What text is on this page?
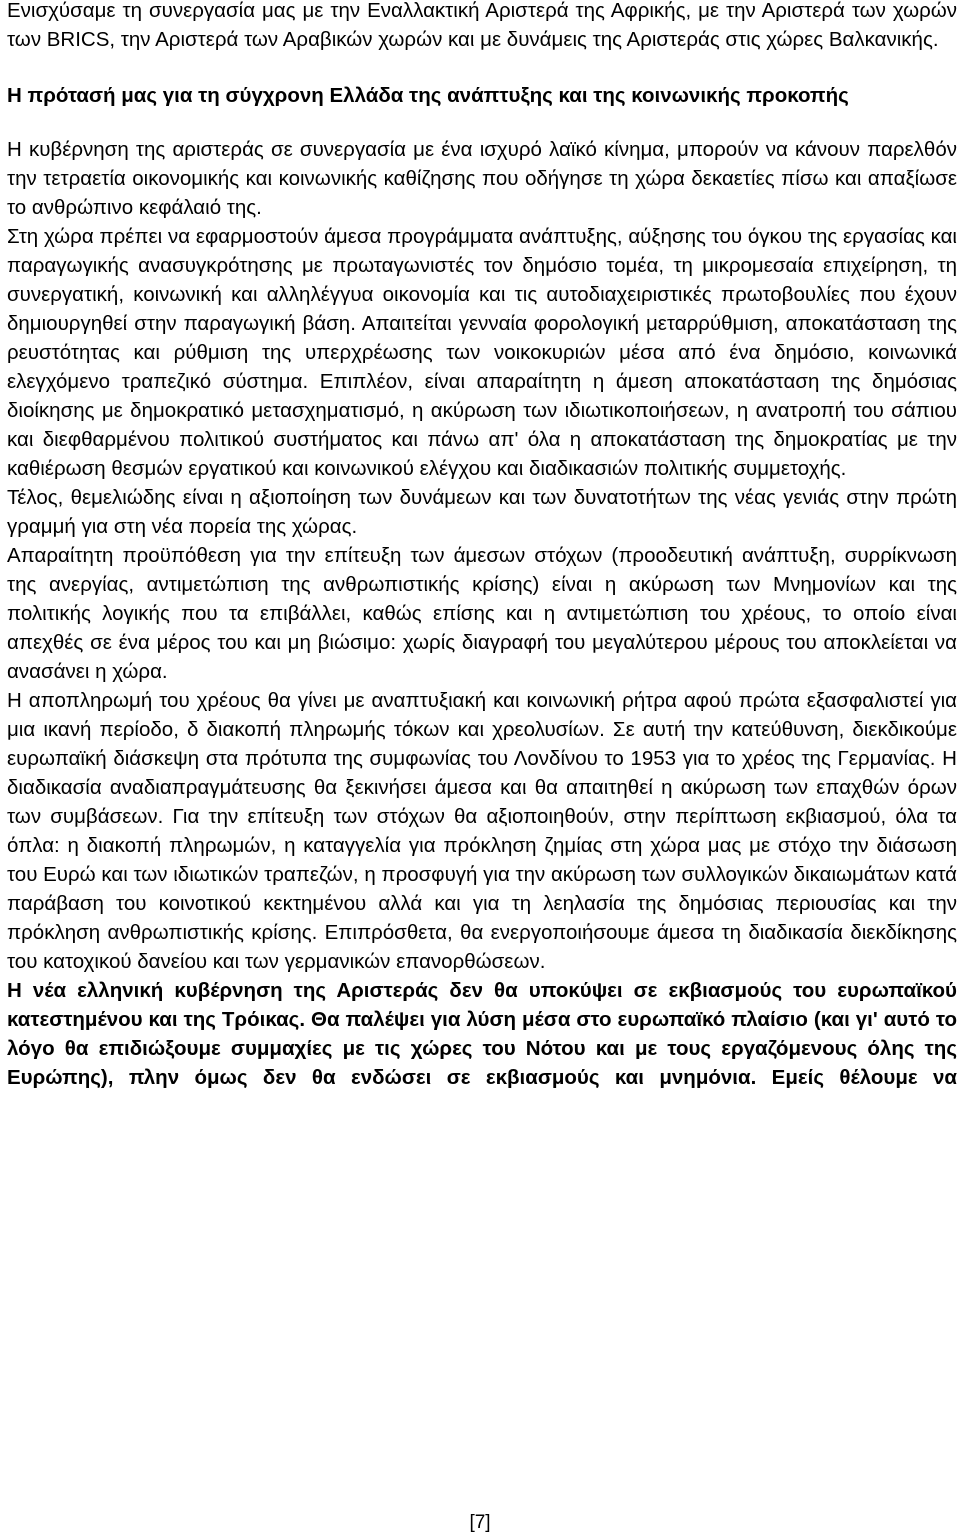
Ενισχύσαμε τη συνεργασία μας με την Εναλλακτική Αριστερά της Αφρικής, με την Αριστερά των χωρών των BRICS, την Αριστερά των Αραβικών χωρών και με δυνάμεις της Αριστεράς στις χώρες Βαλκανικής.

Η πρότασή μας για τη σύγχρονη Ελλάδα της ανάπτυξης και της κοινωνικής προκοπής

Η κυβέρνηση της αριστεράς σε συνεργασία με ένα ισχυρό λαϊκό κίνημα, μπορούν να κάνουν παρελθόν την τετραετία οικονομικής και κοινωνικής καθίζησης που οδήγησε τη χώρα δεκαετίες πίσω και απαξίωσε το ανθρώπινο κεφάλαιό της.

Στη χώρα πρέπει να εφαρμοστούν άμεσα προγράμματα ανάπτυξης, αύξησης του όγκου της εργασίας και παραγωγικής ανασυγκρότησης με πρωταγωνιστές τον δημόσιο τομέα, τη μικρομεσαία επιχείρηση, τη συνεργατική, κοινωνική και αλληλέγγυα οικονομία και τις αυτοδιαχειριστικές πρωτοβουλίες που έχουν δημιουργηθεί στην παραγωγική βάση. Απαιτείται γενναία φορολογική μεταρρύθμιση, αποκατάσταση της ρευστότητας και ρύθμιση της υπερχρέωσης των νοικοκυριών μέσα από ένα δημόσιο, κοινωνικά ελεγχόμενο τραπεζικό σύστημα. Επιπλέον, είναι απαραίτητη η άμεση αποκατάσταση της δημόσιας διοίκησης με δημοκρατικό μετασχηματισμό, η ακύρωση των ιδιωτικοποιήσεων, η ανατροπή του σάπιου και διεφθαρμένου πολιτικού συστήματος και πάνω απ' όλα η αποκατάσταση της δημοκρατίας με την καθιέρωση θεσμών εργατικού και κοινωνικού ελέγχου και διαδικασιών πολιτικής συμμετοχής.

Τέλος, θεμελιώδης είναι η αξιοποίηση των δυνάμεων και των δυνατοτήτων της νέας γενιάς στην πρώτη γραμμή για στη νέα πορεία της χώρας.

Απαραίτητη προϋπόθεση για την επίτευξη των άμεσων στόχων (προοδευτική ανάπτυξη, συρρίκνωση της ανεργίας, αντιμετώπιση της ανθρωπιστικής κρίσης) είναι η ακύρωση των Μνημονίων και της πολιτικής λογικής που τα επιβάλλει, καθώς επίσης και η αντιμετώπιση του χρέους, το οποίο είναι απεχθές σε ένα μέρος του και μη βιώσιμο: χωρίς διαγραφή του μεγαλύτερου μέρους του αποκλείεται να ανασάνει η χώρα.

Η αποπληρωμή του χρέους θα γίνει με αναπτυξιακή και κοινωνική ρήτρα αφού πρώτα εξασφαλιστεί για μια ικανή περίοδο, δ διακοπή πληρωμής τόκων και χρεολυσίων. Σε αυτή την κατεύθυνση, διεκδικούμε ευρωπαϊκή διάσκεψη στα πρότυπα της συμφωνίας του Λονδίνου το 1953 για το χρέος της Γερμανίας. Η διαδικασία αναδιαπραγμάτευσης θα ξεκινήσει άμεσα και θα απαιτηθεί η ακύρωση των επαχθών όρων των συμβάσεων. Για την επίτευξη των στόχων θα αξιοποιηθούν, στην περίπτωση εκβιασμού, όλα τα όπλα: η διακοπή πληρωμών, η καταγγελία για πρόκληση ζημίας στη χώρα μας με στόχο την διάσωση του Ευρώ και των ιδιωτικών τραπεζών, η προσφυγή για την ακύρωση των συλλογικών δικαιωμάτων κατά παράβαση του κοινοτικού κεκτημένου αλλά και για τη λεηλασία της δημόσιας περιουσίας και την πρόκληση ανθρωπιστικής κρίσης. Επιπρόσθετα, θα ενεργοποιήσουμε άμεσα τη διαδικασία διεκδίκησης του κατοχικού δανείου και των γερμανικών επανορθώσεων.

Η νέα ελληνική κυβέρνηση της Αριστεράς δεν θα υποκύψει σε εκβιασμούς του ευρωπαϊκού κατεστημένου και της Τρόικας. Θα παλέψει για λύση μέσα στο ευρωπαϊκό πλαίσιο (και γι' αυτό το λόγο θα επιδιώξουμε συμμαχίες με τις χώρες του Νότου και με τους εργαζόμενους όλης της Ευρώπης), πλην όμως δεν θα ενδώσει σε εκβιασμούς και μνημόνια. Εμείς θέλουμε να

[7]
